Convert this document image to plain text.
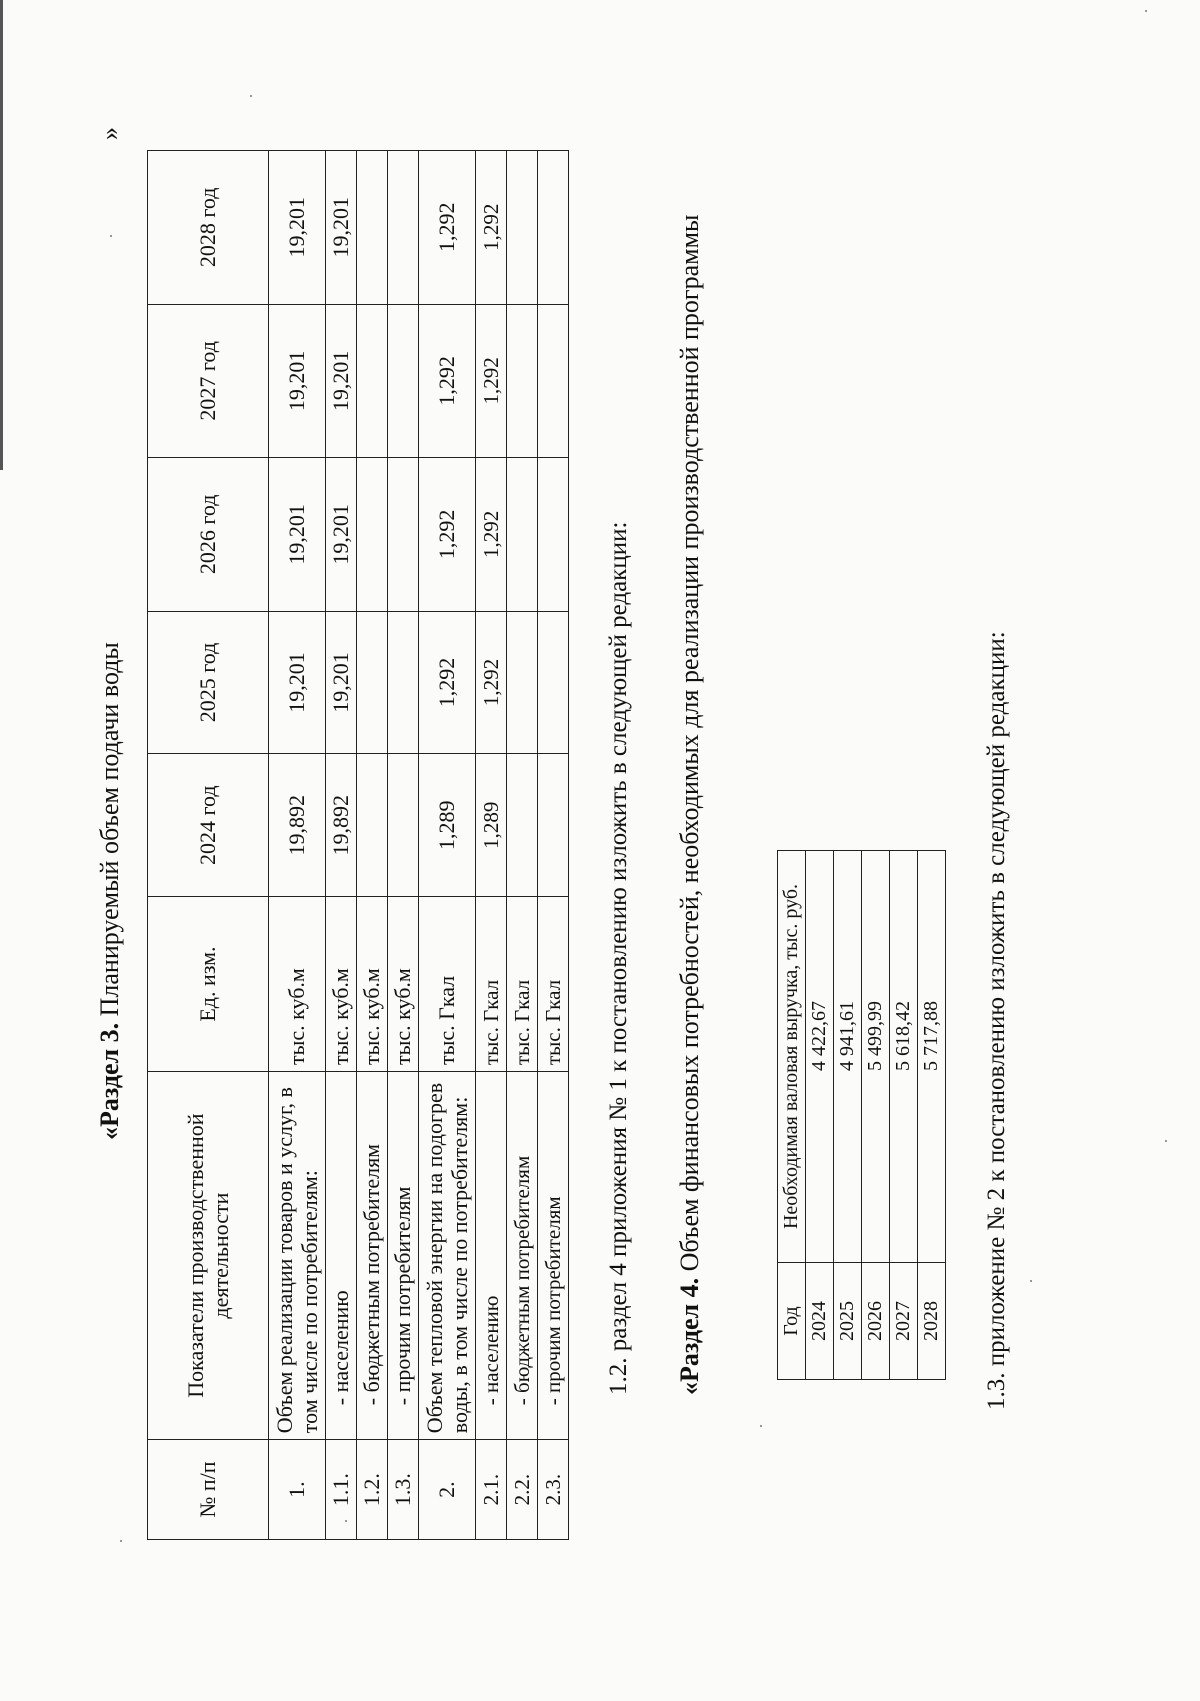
«Раздел 3. Планируемый объем подачи воды
№ п/п	Показатели производственной деятельности	Ед. изм.	2024 год	2025 год	2026 год	2027 год	2028 год
1.	Объем реализации товаров и услуг, в том числе по потребителям:	тыс. куб.м	19,892	19,201	19,201	19,201	19,201
1.1.	- населению	тыс. куб.м	19,892	19,201	19,201	19,201	19,201
1.2.	- бюджетным потребителям	тыс. куб.м					
1.3.	- прочим потребителям	тыс. куб.м					
2.	Объем тепловой энергии на подогрев воды, в том числе по потребителям:	тыс. Гкал	1,289	1,292	1,292	1,292	1,292
2.1.	- населению	тыс. Гкал	1,289	1,292	1,292	1,292	1,292
2.2.	- бюджетным потребителям	тыс. Гкал					
2.3.	- прочим потребителям	тыс. Гкал					
»
1.2. раздел 4 приложения № 1 к постановлению изложить в следующей редакции: «Раздел 4. Объем финансовых потребностей, необходимых для реализации производственной программы
Год	Необходимая валовая выручка, тыс. руб.
2024	4 422,67
2025	4 941,61
2026	5 499,99
2027	5 618,42
2028	5 717,88 1.3. приложение № 2 к постановлению изложить в следующей редакции:
